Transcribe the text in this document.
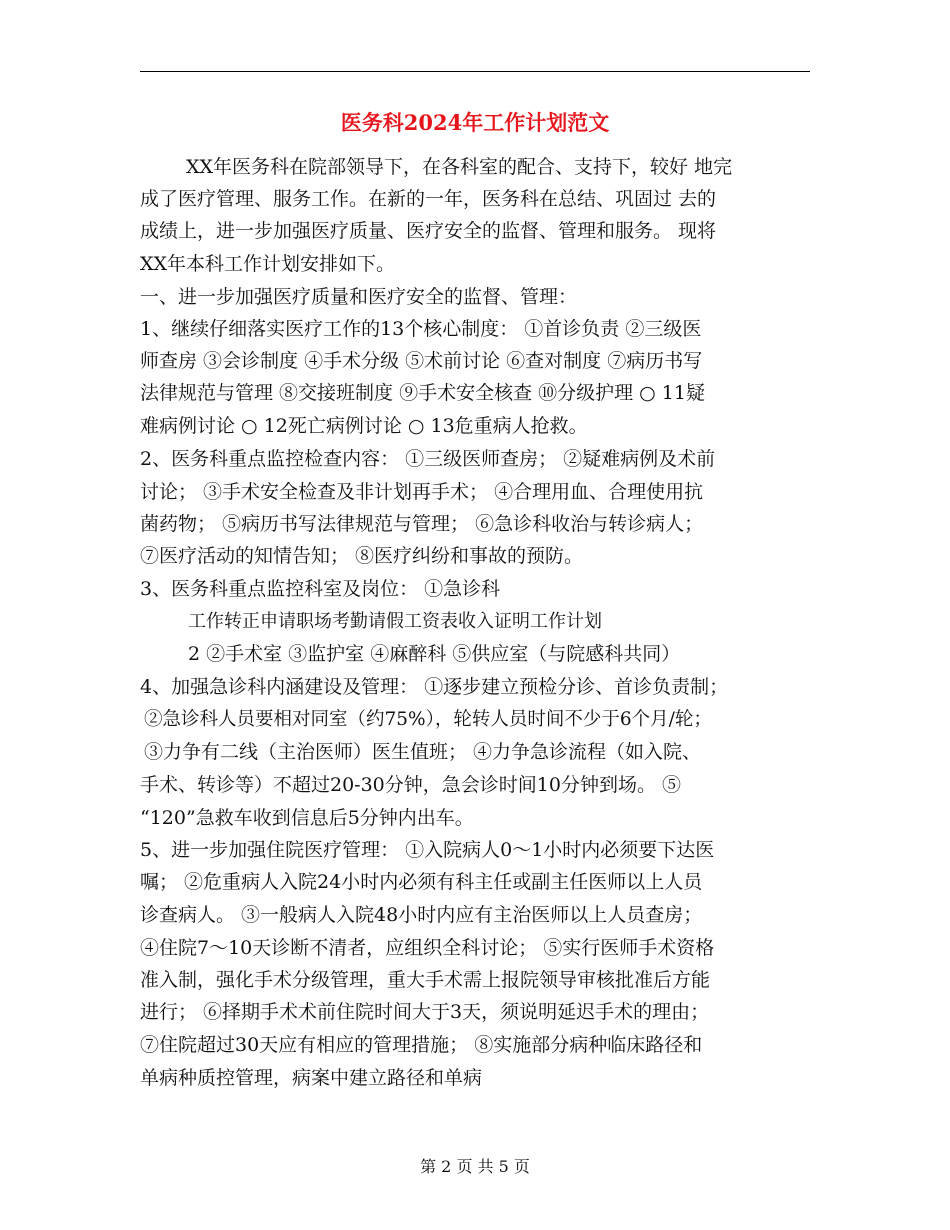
医务科2024年工作计划范文
XX年医务科在院部领导下，在各科室的配合、支持下，较好 地完
成了医疗管理、服务工作。在新的一年，医务科在总结、巩固过 去的
成绩上，进一步加强医疗质量、医疗安全的监督、管理和服务。 现将
XX年本科工作计划安排如下。
一、进一步加强医疗质量和医疗安全的监督、管理：
1、继续仔细落实医疗工作的13个核心制度： ①首诊负责 ②三级医
师查房 ③会诊制度 ④手术分级 ⑤术前讨论 ⑥查对制度 ⑦病历书写
法律规范与管理 ⑧交接班制度 ⑨手术安全核查 ⑩分级护理 ○ 11疑
难病例讨论 ○ 12死亡病例讨论 ○ 13危重病人抢救。
2、医务科重点监控检查内容： ①三级医师查房； ②疑难病例及术前
讨论； ③手术安全检查及非计划再手术； ④合理用血、合理使用抗
菌药物； ⑤病历书写法律规范与管理； ⑥急诊科收治与转诊病人；
⑦医疗活动的知情告知； ⑧医疗纠纷和事故的预防。
3、医务科重点监控科室及岗位： ①急诊科
工作转正申请职场考勤请假工资表收入证明工作计划
2 ②手术室 ③监护室 ④麻醉科 ⑤供应室（与院感科共同）
4、加强急诊科内涵建设及管理： ①逐步建立预检分诊、首诊负责制；
②急诊科人员要相对同室（约75%），轮转人员时间不少于6个月/轮；
③力争有二线（主治医师）医生值班； ④力争急诊流程（如入院、
手术、转诊等）不超过20-30分钟，急会诊时间10分钟到场。 ⑤
“120”急救车收到信息后5分钟内出车。
5、进一步加强住院医疗管理： ①入院病人0～1小时内必须要下达医
嘱； ②危重病人入院24小时内必须有科主任或副主任医师以上人员
诊查病人。 ③一般病人入院48小时内应有主治医师以上人员查房；
④住院7～10天诊断不清者，应组织全科讨论； ⑤实行医师手术资格
准入制，强化手术分级管理，重大手术需上报院领导审核批准后方能
进行； ⑥择期手术术前住院时间大于3天，须说明延迟手术的理由；
⑦住院超过30天应有相应的管理措施； ⑧实施部分病种临床路径和
单病种质控管理，病案中建立路径和单病
第 2 页 共 5 页
